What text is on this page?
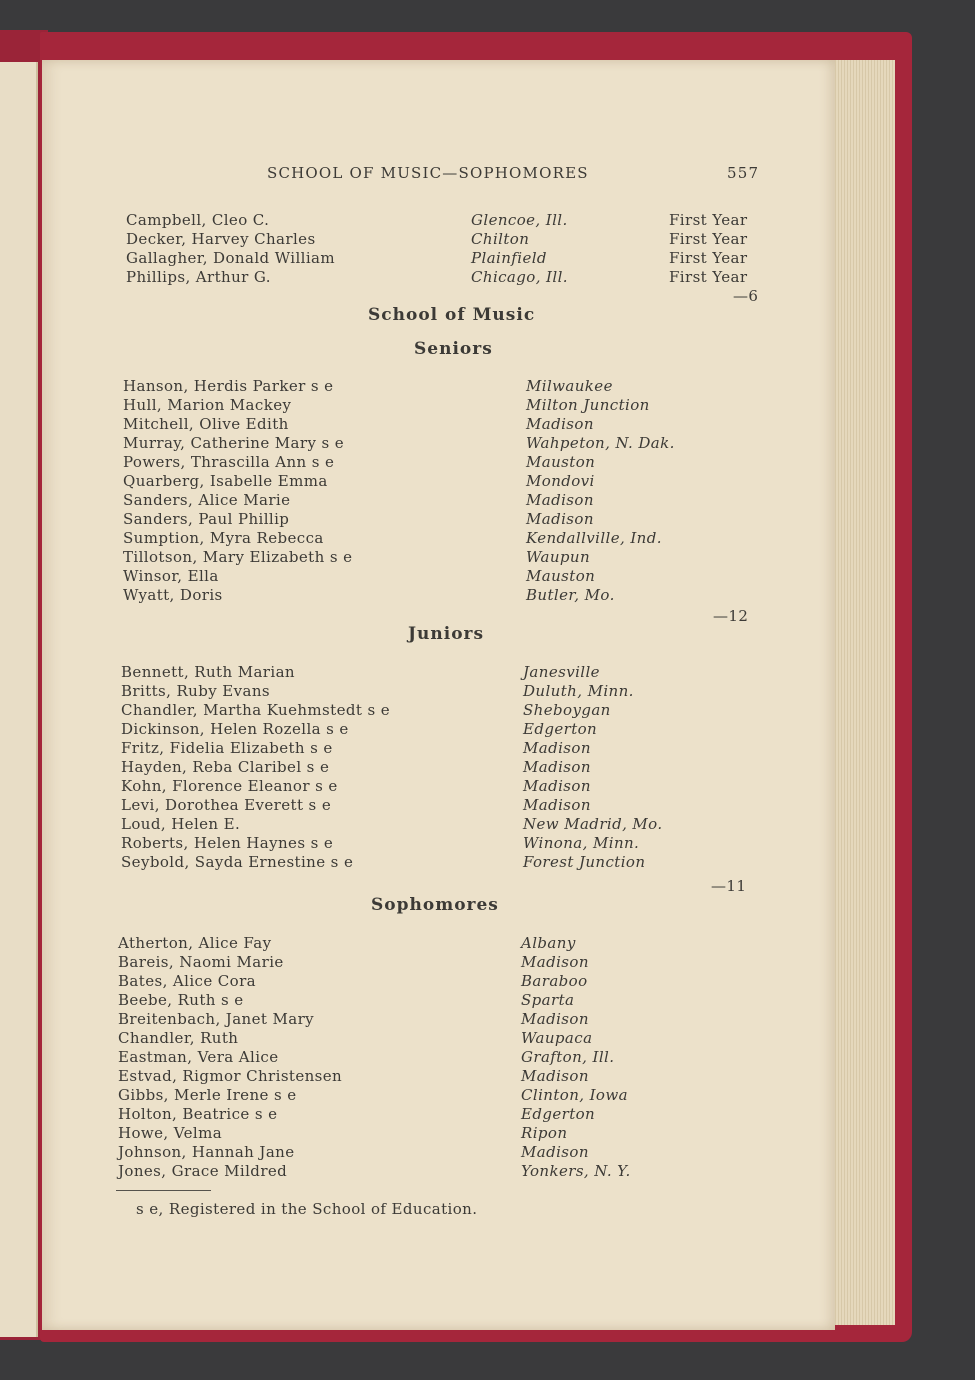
SCHOOL OF MUSIC—SOPHOMORES	557
Campbell, Cleo C.	Glencoe, Ill.	First Year
Decker, Harvey Charles	Chilton	First Year
Gallagher, Donald William	Plainfield	First Year
Phillips, Arthur G.	Chicago, Ill.	First Year
—6
School of Music
Seniors
Hanson, Herdis Parker s e	Milwaukee
Hull, Marion Mackey	Milton Junction
Mitchell, Olive Edith	Madison
Murray, Catherine Mary s e	Wahpeton, N. Dak.
Powers, Thrascilla Ann s e	Mauston
Quarberg, Isabelle Emma	Mondovi
Sanders, Alice Marie	Madison
Sanders, Paul Phillip	Madison
Sumption, Myra Rebecca	Kendallville, Ind.
Tillotson, Mary Elizabeth s e	Waupun
Winsor, Ella	Mauston
Wyatt, Doris	Butler, Mo.
—12
Juniors
Bennett, Ruth Marian	Janesville
Britts, Ruby Evans	Duluth, Minn.
Chandler, Martha Kuehmstedt s e	Sheboygan
Dickinson, Helen Rozella s e	Edgerton
Fritz, Fidelia Elizabeth s e	Madison
Hayden, Reba Claribel s e	Madison
Kohn, Florence Eleanor s e	Madison
Levi, Dorothea Everett s e	Madison
Loud, Helen E.	New Madrid, Mo.
Roberts, Helen Haynes s e	Winona, Minn.
Seybold, Sayda Ernestine s e	Forest Junction
—11
Sophomores
Atherton, Alice Fay	Albany
Bareis, Naomi Marie	Madison
Bates, Alice Cora	Baraboo
Beebe, Ruth s e	Sparta
Breitenbach, Janet Mary	Madison
Chandler, Ruth	Waupaca
Eastman, Vera Alice	Grafton, Ill.
Estvad, Rigmor Christensen	Madison
Gibbs, Merle Irene s e	Clinton, Iowa
Holton, Beatrice s e	Edgerton
Howe, Velma	Ripon
Johnson, Hannah Jane	Madison
Jones, Grace Mildred	Yonkers, N. Y.
s e, Registered in the School of Education.
